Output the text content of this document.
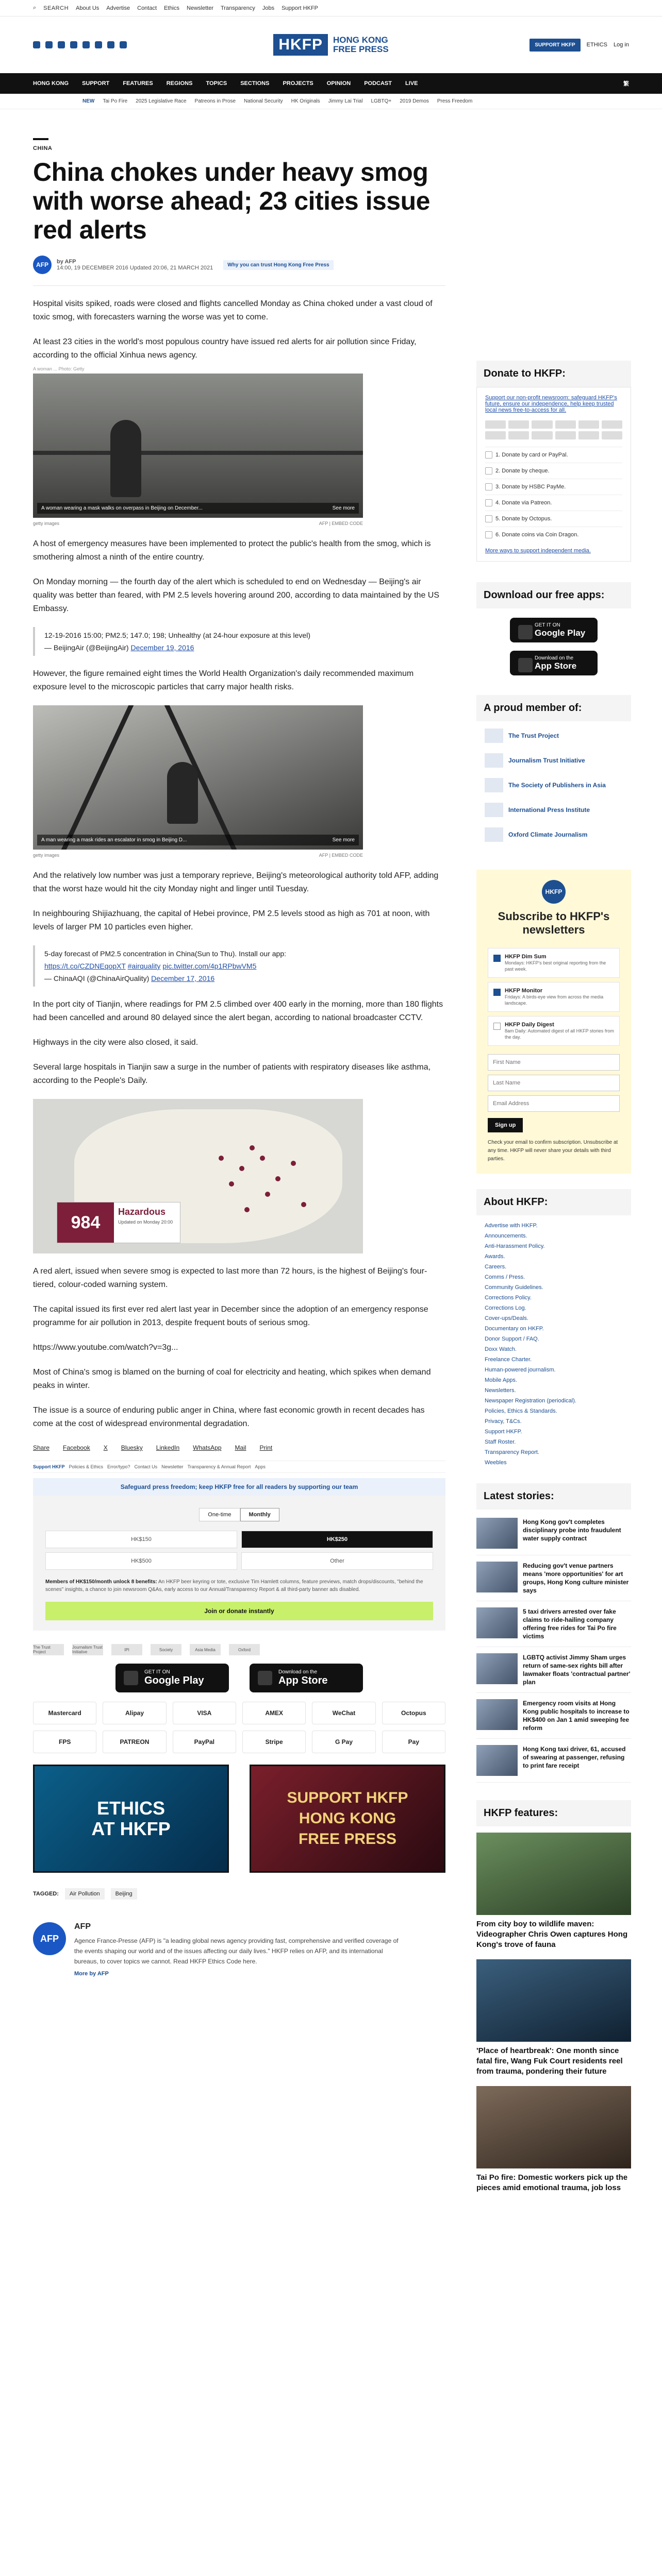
⌕ SEARCH About Us Advertise Contact Ethics Newsletter Transparency Jobs Support HKFP
HKFP	HONG KONG
FREE PRESS	SUPPORT HKFP	ETHICS Log in
HONG KONG SUPPORT FEATURES REGIONS TOPICS SECTIONS PROJECTS OPINION PODCAST LIVE	繁
NEW Tai Po Fire 2025 Legislative Race Patreons in Prose National Security HK Originals Jimmy Lai Trial LGBTQ+ 2019 Demos Press Freedom
CHINA
China chokes under heavy smog with worse ahead; 23 cities issue red alerts
AFP	by AFP
14:00, 19 DECEMBER 2016 Updated 20:06, 21 MARCH 2021	Why you can trust Hong Kong Free Press

Hospital visits spiked, roads were closed and flights cancelled Monday as China choked under a vast cloud of toxic smog, with forecasters warning the worse was yet to come.

At least 23 cities in the world's most populous country have issued red alerts for air pollution since Friday, according to the official Xinhua news agency.

A woman ... Photo: Getty
A woman wearing a mask walks on overpass in Beijing on December...	See more
getty images	AFP | EMBED CODE

A host of emergency measures have been implemented to protect the public's health from the smog, which is smothering almost a ninth of the entire country.

On Monday morning — the fourth day of the alert which is scheduled to end on Wednesday — Beijing's air quality was better than feared, with PM 2.5 levels hovering around 200, according to data maintained by the US Embassy.

12-19-2016 15:00; PM2.5; 147.0; 198; Unhealthy (at 24-hour exposure at this level)
— BeijingAir (@BeijingAir) December 19, 2016

However, the figure remained eight times the World Health Organization's daily recommended maximum exposure level to the microscopic particles that carry major health risks.

A man wearing a mask rides an escalator in smog in Beijing D...	See more
getty images	AFP | EMBED CODE

And the relatively low number was just a temporary reprieve, Beijing's meteorological authority told AFP, adding that the worst haze would hit the city Monday night and linger until Tuesday.

In neighbouring Shijiazhuang, the capital of Hebei province, PM 2.5 levels stood as high as 701 at noon, with levels of larger PM 10 particles even higher.

5-day forecast of PM2.5 concentration in China(Sun to Thu). Install our app:
https://t.co/CZDNEqopXT #airquality pic.twitter.com/4p1RPbwVM5
— ChinaAQI (@ChinaAirQuality) December 17, 2016

In the port city of Tianjin, where readings for PM 2.5 climbed over 400 early in the morning, more than 180 flights had been cancelled and around 80 delayed since the alert began, according to national broadcaster CCTV.

Highways in the city were also closed, it said.

Several large hospitals in Tianjin saw a surge in the number of patients with respiratory diseases like asthma, according to the People's Daily.

984
Hazardous
Updated on Monday 20:00

A red alert, issued when severe smog is expected to last more than 72 hours, is the highest of Beijing's four-tiered, colour-coded warning system.

The capital issued its first ever red alert last year in December since the adoption of an emergency response programme for air pollution in 2013, despite frequent bouts of serious smog.

https://www.youtube.com/watch?v=3g...

Most of China's smog is blamed on the burning of coal for electricity and heating, which spikes when demand peaks in winter.

The issue is a source of enduring public anger in China, where fast economic growth in recent decades has come at the cost of widespread environmental degradation.

Share Facebook X Bluesky LinkedIn WhatsApp Mail Print
Support HKFP Policies & Ethics Error/typo? Contact Us Newsletter Transparency & Annual Report Apps
Safeguard press freedom; keep HKFP free for all readers by supporting our team
One-time	Monthly
HK$150	HK$250
HK$500	Other
Members of HK$150/month unlock 8 benefits: An HKFP beer keyring or tote, exclusive Tim Hamlett columns, feature previews, match drops/discounts, "behind the scenes" insights, a chance to join newsroom Q&As, early access to our Annual/Transparency Report & all third-party banner ads disabled.
Join or donate instantly
The Trust Project
Journalism Trust Initiative	IPI	Society	Asia Media	Oxford
GET IT ON
Google Play
Download on the
App Store
Mastercard	Alipay	VISA	AMEX	WeChat	Octopus
FPS	PATREON	PayPal	Stripe	G Pay	Pay
ETHICS
AT HKFP
SUPPORT HKFP
HONG KONG
FREE PRESS
TAGGED:	Air Pollution	Beijing
AFP
AFP
Agence France-Presse (AFP) is "a leading global news agency providing fast, comprehensive and verified coverage of the events shaping our world and of the issues affecting our daily lives." HKFP relies on AFP, and its international bureaus, to cover topics we cannot. Read HKFP Ethics Code here.
More by AFP
Donate to HKFP:
Support our non-profit newsroom: safeguard HKFP's future, ensure our independence, help keep trusted local news free-to-access for all.
1. Donate by card or PayPal.
2. Donate by cheque.
3. Donate by HSBC PayMe.
4. Donate via Patreon.
5. Donate by Octopus.
6. Donate coins via Coin Dragon.
More ways to support independent media.
Download our free apps:
GET IT ON
Google Play
Download on the
App Store
A proud member of:
The Trust Project
Journalism Trust Initiative
The Society of Publishers in Asia
International Press Institute
Oxford Climate Journalism
HKFP
Subscribe to HKFP's newsletters
HKFP Dim Sum
Mondays: HKFP's best original reporting from the past week.
HKFP Monitor
Fridays: A birds-eye view from across the media landscape.
HKFP Daily Digest
8am Daily: Automated digest of all HKFP stories from the day.
First Name Last Name Email Address Sign up
Check your email to confirm subscription. Unsubscribe at any time. HKFP will never share your details with third parties.
About HKFP:
Advertise with HKFP.
Announcements.
Anti-Harassment Policy.
Awards.
Careers.
Comms / Press.
Community Guidelines.
Corrections Policy.
Corrections Log.
Cover-ups/Deals.
Documentary on HKFP.
Donor Support / FAQ.
Doxx Watch.
Freelance Charter.
Human-powered journalism.
Mobile Apps.
Newsletters.
Newspaper Registration (periodical).
Policies, Ethics & Standards.
Privacy, T&Cs.
Support HKFP.
Staff Roster.
Transparency Report.
Weebles
Latest stories:
Hong Kong gov't completes disciplinary probe into fraudulent water supply contract
Reducing gov't venue partners means 'more opportunities' for art groups, Hong Kong culture minister says
5 taxi drivers arrested over fake claims to ride-hailing company offering free rides for Tai Po fire victims
LGBTQ activist Jimmy Sham urges return of same-sex rights bill after lawmaker floats 'contractual partner' plan
Emergency room visits at Hong Kong public hospitals to increase to HK$400 on Jan 1 amid sweeping fee reform
Hong Kong taxi driver, 61, accused of swearing at passenger, refusing to print fare receipt
HKFP features:
From city boy to wildlife maven: Videographer Chris Owen captures Hong Kong's trove of fauna
'Place of heartbreak': One month since fatal fire, Wang Fuk Court residents reel from trauma, pondering their future
Tai Po fire: Domestic workers pick up the pieces amid emotional trauma, job loss
